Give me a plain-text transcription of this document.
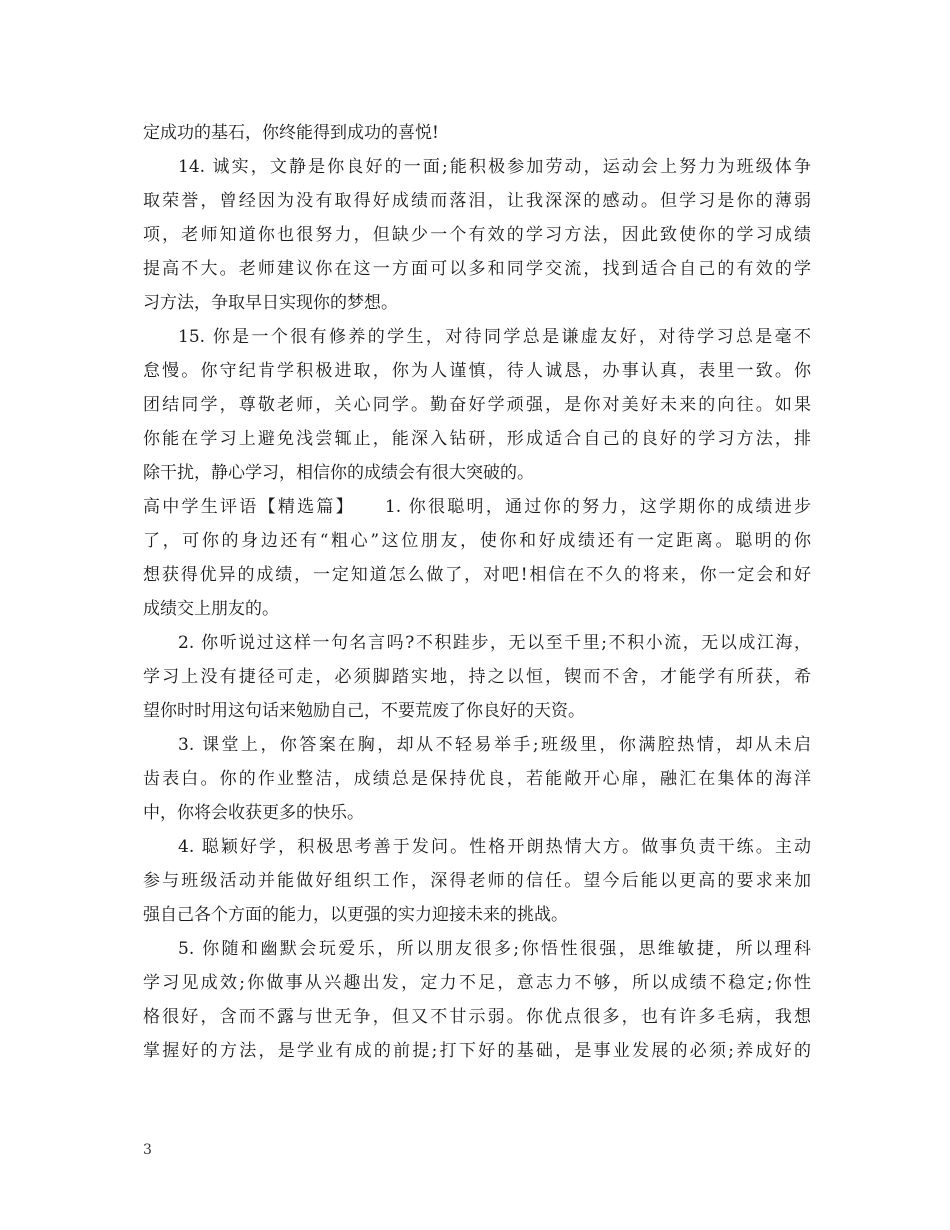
定成功的基石，你终能得到成功的喜悦!
14. 诚实，文静是你良好的一面;能积极参加劳动，运动会上努力为班级体争
取荣誉，曾经因为没有取得好成绩而落泪，让我深深的感动。但学习是你的薄弱
项，老师知道你也很努力，但缺少一个有效的学习方法，因此致使你的学习成绩
提高不大。老师建议你在这一方面可以多和同学交流，找到适合自己的有效的学
习方法，争取早日实现你的梦想。
15. 你是一个很有修养的学生，对待同学总是谦虚友好，对待学习总是毫不
怠慢。你守纪肯学积极进取，你为人谨慎，待人诚恳，办事认真，表里一致。你
团结同学，尊敬老师，关心同学。勤奋好学顽强，是你对美好未来的向往。如果
你能在学习上避免浅尝辄止，能深入钻研，形成适合自己的良好的学习方法，排
除干扰，静心学习，相信你的成绩会有很大突破的。
高中学生评语【精选篇】　　1. 你很聪明，通过你的努力，这学期你的成绩进步
了，可你的身边还有“粗心”这位朋友，使你和好成绩还有一定距离。聪明的你
想获得优异的成绩，一定知道怎么做了，对吧!相信在不久的将来，你一定会和好
成绩交上朋友的。
2. 你听说过这样一句名言吗?不积跬步，无以至千里;不积小流，无以成江海，
学习上没有捷径可走，必须脚踏实地，持之以恒，锲而不舍，才能学有所获，希
望你时时用这句话来勉励自己，不要荒废了你良好的天资。
3. 课堂上，你答案在胸，却从不轻易举手;班级里，你满腔热情，却从未启
齿表白。你的作业整洁，成绩总是保持优良，若能敞开心扉，融汇在集体的海洋
中，你将会收获更多的快乐。
4. 聪颖好学，积极思考善于发问。性格开朗热情大方。做事负责干练。主动
参与班级活动并能做好组织工作，深得老师的信任。望今后能以更高的要求来加
强自己各个方面的能力，以更强的实力迎接未来的挑战。
5. 你随和幽默会玩爱乐，所以朋友很多;你悟性很强，思维敏捷，所以理科
学习见成效;你做事从兴趣出发，定力不足，意志力不够，所以成绩不稳定;你性
格很好，含而不露与世无争，但又不甘示弱。你优点很多，也有许多毛病，我想
掌握好的方法，是学业有成的前提;打下好的基础，是事业发展的必须;养成好的
3
